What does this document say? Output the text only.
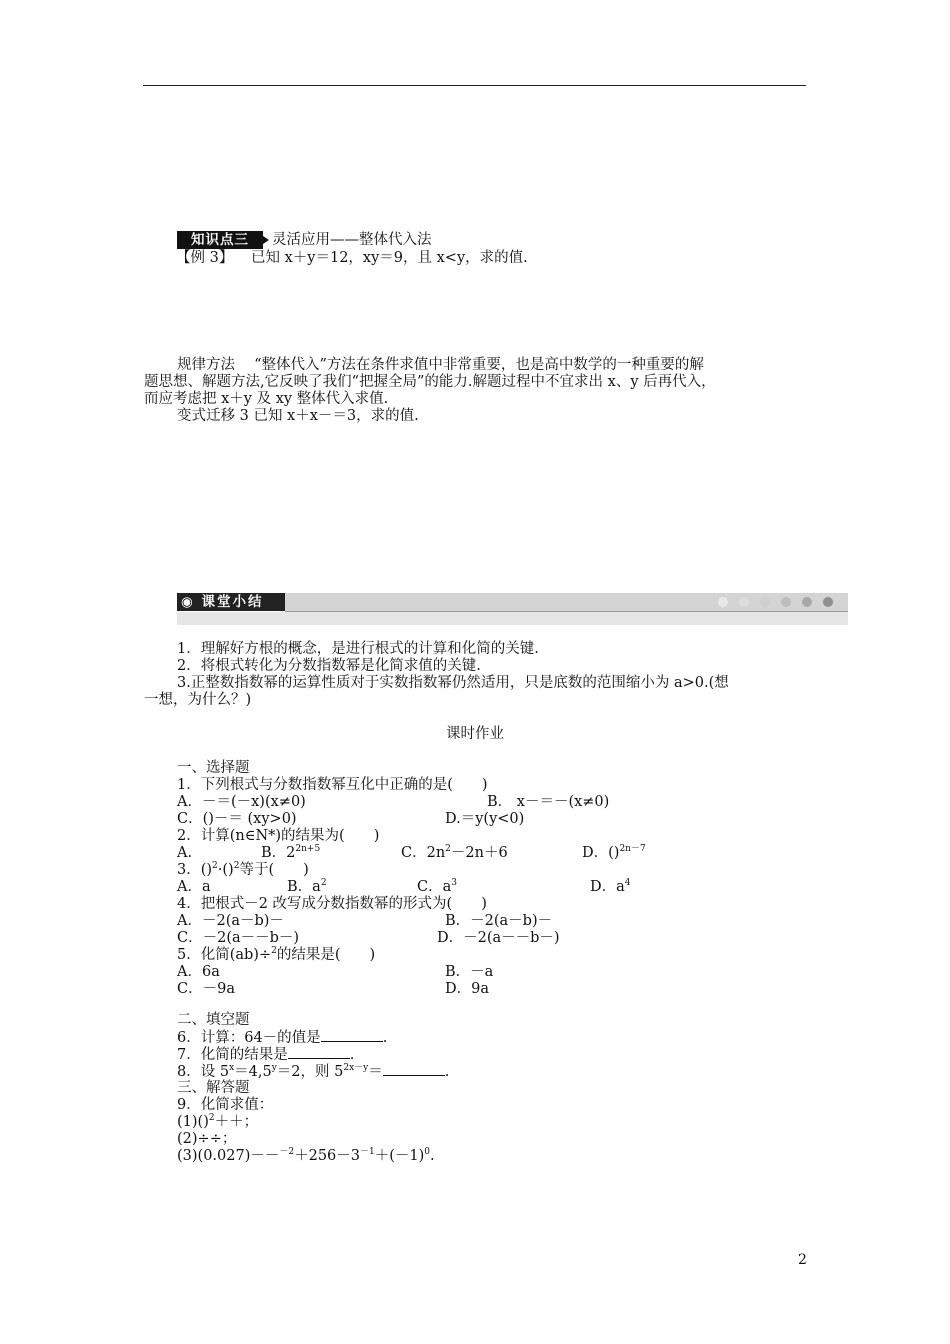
知识点三	灵活应用——整体代入法
【例 3】 已知 x＋y＝12，xy＝9，且 x<y，求的值.
规律方法 　“整体代入”方法在条件求值中非常重要，也是高中数学的一种重要的解
题思想、解题方法,它反映了我们“把握全局”的能力.解题过程中不宜求出 x、y 后再代入，
而应考虑把 x＋y 及 xy 整体代入求值.
变式迁移 3 已知 x＋x－＝3，求的值.
◉ 课堂小结
1．理解好方根的概念，是进行根式的计算和化简的关键.
2．将根式转化为分数指数幂是化简求值的关键.
3.正整数指数幂的运算性质对于实数指数幂仍然适用，只是底数的范围缩小为 a>0.(想
一想，为什么？)
课时作业
一、选择题
1．下列根式与分数指数幂互化中正确的是(　　)
A．－＝(－x)(x≠0)	B． x－＝－(x≠0)
C．()－＝ (xy>0)	D.＝y(y<0)
2．计算(n∈N*)的结果为(　　)
A.	B．$2^{2n+5}$	C．$2n^2-2n+6$	D．()$^{2n-7}$
3．()$^2$·()$^2$等于(　　)
A．a	B．$a^2$	C．$a^3$	D．$a^4$
4．把根式－2 改写成分数指数幂的形式为(　　)
A．－2(a－b)－	B．－2(a－b)－
C．－2(a－－b－)	D．－2(a－－b－)
5．化简(ab)÷$^2$的结果是(　　)
A．6a	B．－a
C．－9a	D．9a
二、填空题
6．计算：64－的值是	.
7．化简的结果是	.
8．设 $5^x=4,5^y=2$，则 $5^{2x-y}=$	.
三、解答题
9．化简求值：
(1)()$^2$＋＋；
(2)÷÷；
$(3)(0.027)--^{-2}+256-3^{-1}+(-1)^0$.
2
